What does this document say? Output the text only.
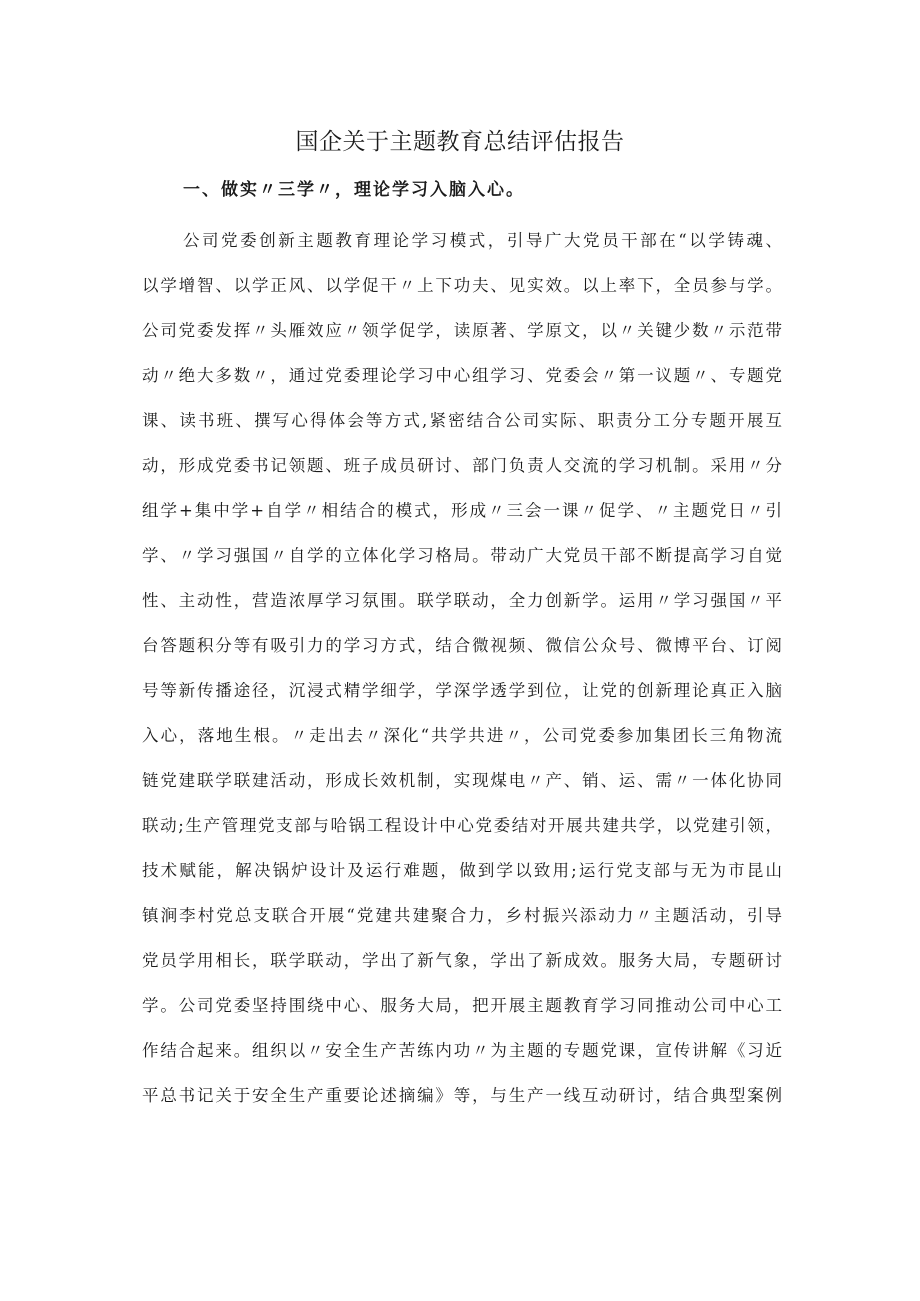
国企关于主题教育总结评估报告
一、做实〃三学〃，理论学习入脑入心。
公司党委创新主题教育理论学习模式，引导广大党员干部在“以学铸魂、
以学增智、以学正风、以学促干〃上下功夫、见实效。以上率下，全员参与学。
公司党委发挥〃头雁效应〃领学促学，读原著、学原文，以〃关键少数〃示范带
动〃绝大多数〃，通过党委理论学习中心组学习、党委会〃第一议题〃、专题党
课、读书班、撰写心得体会等方式,紧密结合公司实际、职责分工分专题开展互
动，形成党委书记领题、班子成员研讨、部门负责人交流的学习机制。采用〃分
组学+集中学+自学〃相结合的模式，形成〃三会一课〃促学、〃主题党日〃引
学、〃学习强国〃自学的立体化学习格局。带动广大党员干部不断提高学习自觉
性、主动性，营造浓厚学习氛围。联学联动，全力创新学。运用〃学习强国〃平
台答题积分等有吸引力的学习方式，结合微视频、微信公众号、微博平台、订阅
号等新传播途径，沉浸式精学细学，学深学透学到位，让党的创新理论真正入脑
入心，落地生根。〃走出去〃深化“共学共进〃，公司党委参加集团长三角物流
链党建联学联建活动，形成长效机制，实现煤电〃产、销、运、需〃一体化协同
联动;生产管理党支部与哈锅工程设计中心党委结对开展共建共学，以党建引领，
技术赋能，解决锅炉设计及运行难题，做到学以致用;运行党支部与无为市昆山
镇涧李村党总支联合开展“党建共建聚合力，乡村振兴添动力〃主题活动，引导
党员学用相长，联学联动，学出了新气象，学出了新成效。服务大局，专题研讨
学。公司党委坚持围绕中心、服务大局，把开展主题教育学习同推动公司中心工
作结合起来。组织以〃安全生产苦练内功〃为主题的专题党课，宣传讲解《习近
平总书记关于安全生产重要论述摘编》等，与生产一线互动研讨，结合典型案例
